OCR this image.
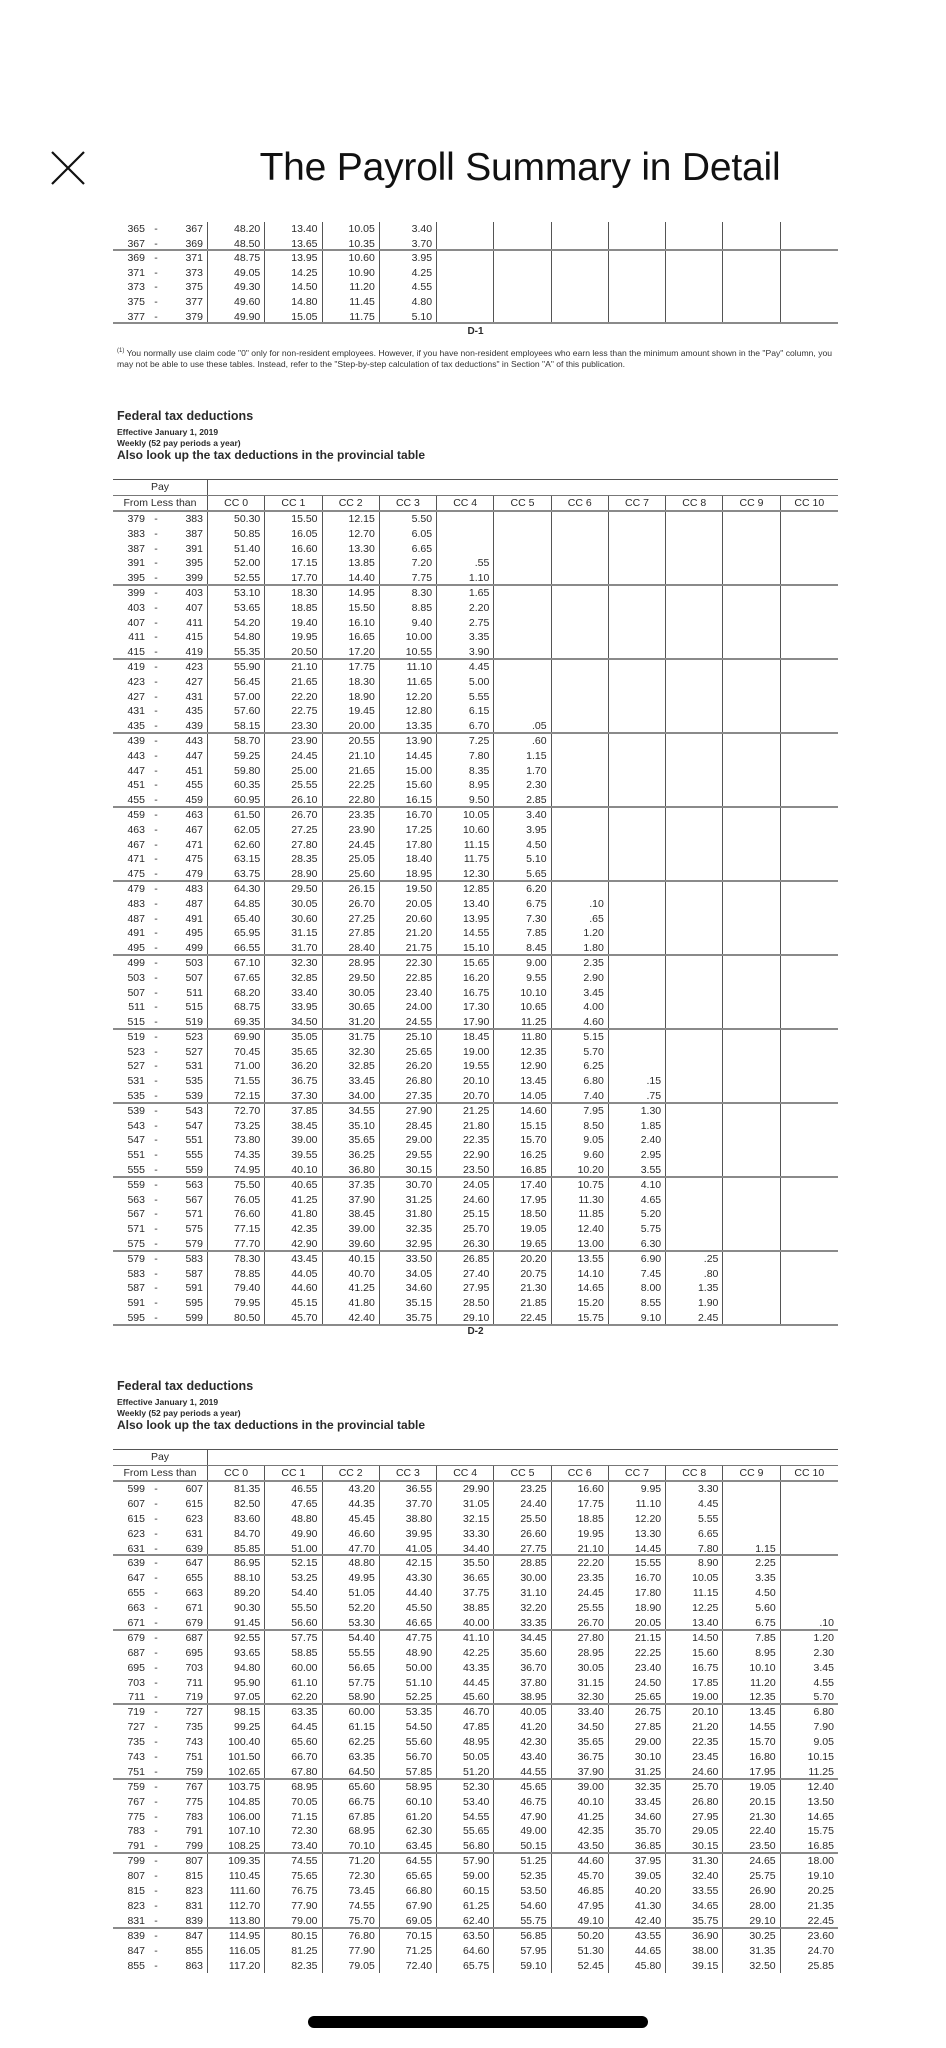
The Payroll Summary in Detail
365 -	367	48.20	13.40	10.05	3.40
367 -	369	48.50	13.65	10.35	3.70
369 -	371	48.75	13.95	10.60	3.95
371 -	373	49.05	14.25	10.90	4.25
373 -	375	49.30	14.50	11.20	4.55
375 -	377	49.60	14.80	11.45	4.80
377 -	379	49.90	15.05	11.75	5.10
D-1
$^{(1)}$ You normally use claim code "0" only for non-resident employees. However, if you have non-resident employees who earn less than the minimum amount shown in the "Pay" column, you may not be able to use these tables. Instead, refer to the "Step-by-step calculation of tax deductions" in Section "A" of this publication.
Federal tax deductions
Effective January 1, 2019
Weekly (52 pay periods a year)
Also look up the tax deductions in the provincial table
Pay
From Less than	CC 0	CC 1	CC 2	CC 3	CC 4	CC 5	CC 6	CC 7	CC 8	CC 9	CC 10
379 -	383	50.30	15.50	12.15	5.50
383 -	387	50.85	16.05	12.70	6.05
387 -	391	51.40	16.60	13.30	6.65
391 -	395	52.00	17.15	13.85	7.20	.55
395 -	399	52.55	17.70	14.40	7.75	1.10
399 -	403	53.10	18.30	14.95	8.30	1.65
403 -	407	53.65	18.85	15.50	8.85	2.20
407 -	411	54.20	19.40	16.10	9.40	2.75
411 -	415	54.80	19.95	16.65	10.00	3.35
415 -	419	55.35	20.50	17.20	10.55	3.90
419 -	423	55.90	21.10	17.75	11.10	4.45
423 -	427	56.45	21.65	18.30	11.65	5.00
427 -	431	57.00	22.20	18.90	12.20	5.55
431 -	435	57.60	22.75	19.45	12.80	6.15
435 -	439	58.15	23.30	20.00	13.35	6.70	.05
439 -	443	58.70	23.90	20.55	13.90	7.25	.60
443 -	447	59.25	24.45	21.10	14.45	7.80	1.15
447 -	451	59.80	25.00	21.65	15.00	8.35	1.70
451 -	455	60.35	25.55	22.25	15.60	8.95	2.30
455 -	459	60.95	26.10	22.80	16.15	9.50	2.85
459 -	463	61.50	26.70	23.35	16.70	10.05	3.40
463 -	467	62.05	27.25	23.90	17.25	10.60	3.95
467 -	471	62.60	27.80	24.45	17.80	11.15	4.50
471 -	475	63.15	28.35	25.05	18.40	11.75	5.10
475 -	479	63.75	28.90	25.60	18.95	12.30	5.65
479 -	483	64.30	29.50	26.15	19.50	12.85	6.20
483 -	487	64.85	30.05	26.70	20.05	13.40	6.75	.10
487 -	491	65.40	30.60	27.25	20.60	13.95	7.30	.65
491 -	495	65.95	31.15	27.85	21.20	14.55	7.85	1.20
495 -	499	66.55	31.70	28.40	21.75	15.10	8.45	1.80
499 -	503	67.10	32.30	28.95	22.30	15.65	9.00	2.35
503 -	507	67.65	32.85	29.50	22.85	16.20	9.55	2.90
507 -	511	68.20	33.40	30.05	23.40	16.75	10.10	3.45
511 -	515	68.75	33.95	30.65	24.00	17.30	10.65	4.00
515 -	519	69.35	34.50	31.20	24.55	17.90	11.25	4.60
519 -	523	69.90	35.05	31.75	25.10	18.45	11.80	5.15
523 -	527	70.45	35.65	32.30	25.65	19.00	12.35	5.70
527 -	531	71.00	36.20	32.85	26.20	19.55	12.90	6.25
531 -	535	71.55	36.75	33.45	26.80	20.10	13.45	6.80	.15
535 -	539	72.15	37.30	34.00	27.35	20.70	14.05	7.40	.75
539 -	543	72.70	37.85	34.55	27.90	21.25	14.60	7.95	1.30
543 -	547	73.25	38.45	35.10	28.45	21.80	15.15	8.50	1.85
547 -	551	73.80	39.00	35.65	29.00	22.35	15.70	9.05	2.40
551 -	555	74.35	39.55	36.25	29.55	22.90	16.25	9.60	2.95
555 -	559	74.95	40.10	36.80	30.15	23.50	16.85	10.20	3.55
559 -	563	75.50	40.65	37.35	30.70	24.05	17.40	10.75	4.10
563 -	567	76.05	41.25	37.90	31.25	24.60	17.95	11.30	4.65
567 -	571	76.60	41.80	38.45	31.80	25.15	18.50	11.85	5.20
571 -	575	77.15	42.35	39.00	32.35	25.70	19.05	12.40	5.75
575 -	579	77.70	42.90	39.60	32.95	26.30	19.65	13.00	6.30
579 -	583	78.30	43.45	40.15	33.50	26.85	20.20	13.55	6.90	.25
583 -	587	78.85	44.05	40.70	34.05	27.40	20.75	14.10	7.45	.80
587 -	591	79.40	44.60	41.25	34.60	27.95	21.30	14.65	8.00	1.35
591 -	595	79.95	45.15	41.80	35.15	28.50	21.85	15.20	8.55	1.90
595 -	599	80.50	45.70	42.40	35.75	29.10	22.45	15.75	9.10	2.45
D-2
Federal tax deductions
Effective January 1, 2019
Weekly (52 pay periods a year)
Also look up the tax deductions in the provincial table
Pay
From Less than	CC 0	CC 1	CC 2	CC 3	CC 4	CC 5	CC 6	CC 7	CC 8	CC 9	CC 10
599 -	607	81.35	46.55	43.20	36.55	29.90	23.25	16.60	9.95	3.30
607 -	615	82.50	47.65	44.35	37.70	31.05	24.40	17.75	11.10	4.45
615 -	623	83.60	48.80	45.45	38.80	32.15	25.50	18.85	12.20	5.55
623 -	631	84.70	49.90	46.60	39.95	33.30	26.60	19.95	13.30	6.65
631 -	639	85.85	51.00	47.70	41.05	34.40	27.75	21.10	14.45	7.80	1.15
639 -	647	86.95	52.15	48.80	42.15	35.50	28.85	22.20	15.55	8.90	2.25
647 -	655	88.10	53.25	49.95	43.30	36.65	30.00	23.35	16.70	10.05	3.35
655 -	663	89.20	54.40	51.05	44.40	37.75	31.10	24.45	17.80	11.15	4.50
663 -	671	90.30	55.50	52.20	45.50	38.85	32.20	25.55	18.90	12.25	5.60
671 -	679	91.45	56.60	53.30	46.65	40.00	33.35	26.70	20.05	13.40	6.75	.10
679 -	687	92.55	57.75	54.40	47.75	41.10	34.45	27.80	21.15	14.50	7.85	1.20
687 -	695	93.65	58.85	55.55	48.90	42.25	35.60	28.95	22.25	15.60	8.95	2.30
695 -	703	94.80	60.00	56.65	50.00	43.35	36.70	30.05	23.40	16.75	10.10	3.45
703 -	711	95.90	61.10	57.75	51.10	44.45	37.80	31.15	24.50	17.85	11.20	4.55
711 -	719	97.05	62.20	58.90	52.25	45.60	38.95	32.30	25.65	19.00	12.35	5.70
719 -	727	98.15	63.35	60.00	53.35	46.70	40.05	33.40	26.75	20.10	13.45	6.80
727 -	735	99.25	64.45	61.15	54.50	47.85	41.20	34.50	27.85	21.20	14.55	7.90
735 -	743	100.40	65.60	62.25	55.60	48.95	42.30	35.65	29.00	22.35	15.70	9.05
743 -	751	101.50	66.70	63.35	56.70	50.05	43.40	36.75	30.10	23.45	16.80	10.15
751 -	759	102.65	67.80	64.50	57.85	51.20	44.55	37.90	31.25	24.60	17.95	11.25
759 -	767	103.75	68.95	65.60	58.95	52.30	45.65	39.00	32.35	25.70	19.05	12.40
767 -	775	104.85	70.05	66.75	60.10	53.40	46.75	40.10	33.45	26.80	20.15	13.50
775 -	783	106.00	71.15	67.85	61.20	54.55	47.90	41.25	34.60	27.95	21.30	14.65
783 -	791	107.10	72.30	68.95	62.30	55.65	49.00	42.35	35.70	29.05	22.40	15.75
791 -	799	108.25	73.40	70.10	63.45	56.80	50.15	43.50	36.85	30.15	23.50	16.85
799 -	807	109.35	74.55	71.20	64.55	57.90	51.25	44.60	37.95	31.30	24.65	18.00
807 -	815	110.45	75.65	72.30	65.65	59.00	52.35	45.70	39.05	32.40	25.75	19.10
815 -	823	111.60	76.75	73.45	66.80	60.15	53.50	46.85	40.20	33.55	26.90	20.25
823 -	831	112.70	77.90	74.55	67.90	61.25	54.60	47.95	41.30	34.65	28.00	21.35
831 -	839	113.80	79.00	75.70	69.05	62.40	55.75	49.10	42.40	35.75	29.10	22.45
839 -	847	114.95	80.15	76.80	70.15	63.50	56.85	50.20	43.55	36.90	30.25	23.60
847 -	855	116.05	81.25	77.90	71.25	64.60	57.95	51.30	44.65	38.00	31.35	24.70
855 -	863	117.20	82.35	79.05	72.40	65.75	59.10	52.45	45.80	39.15	32.50	25.85
